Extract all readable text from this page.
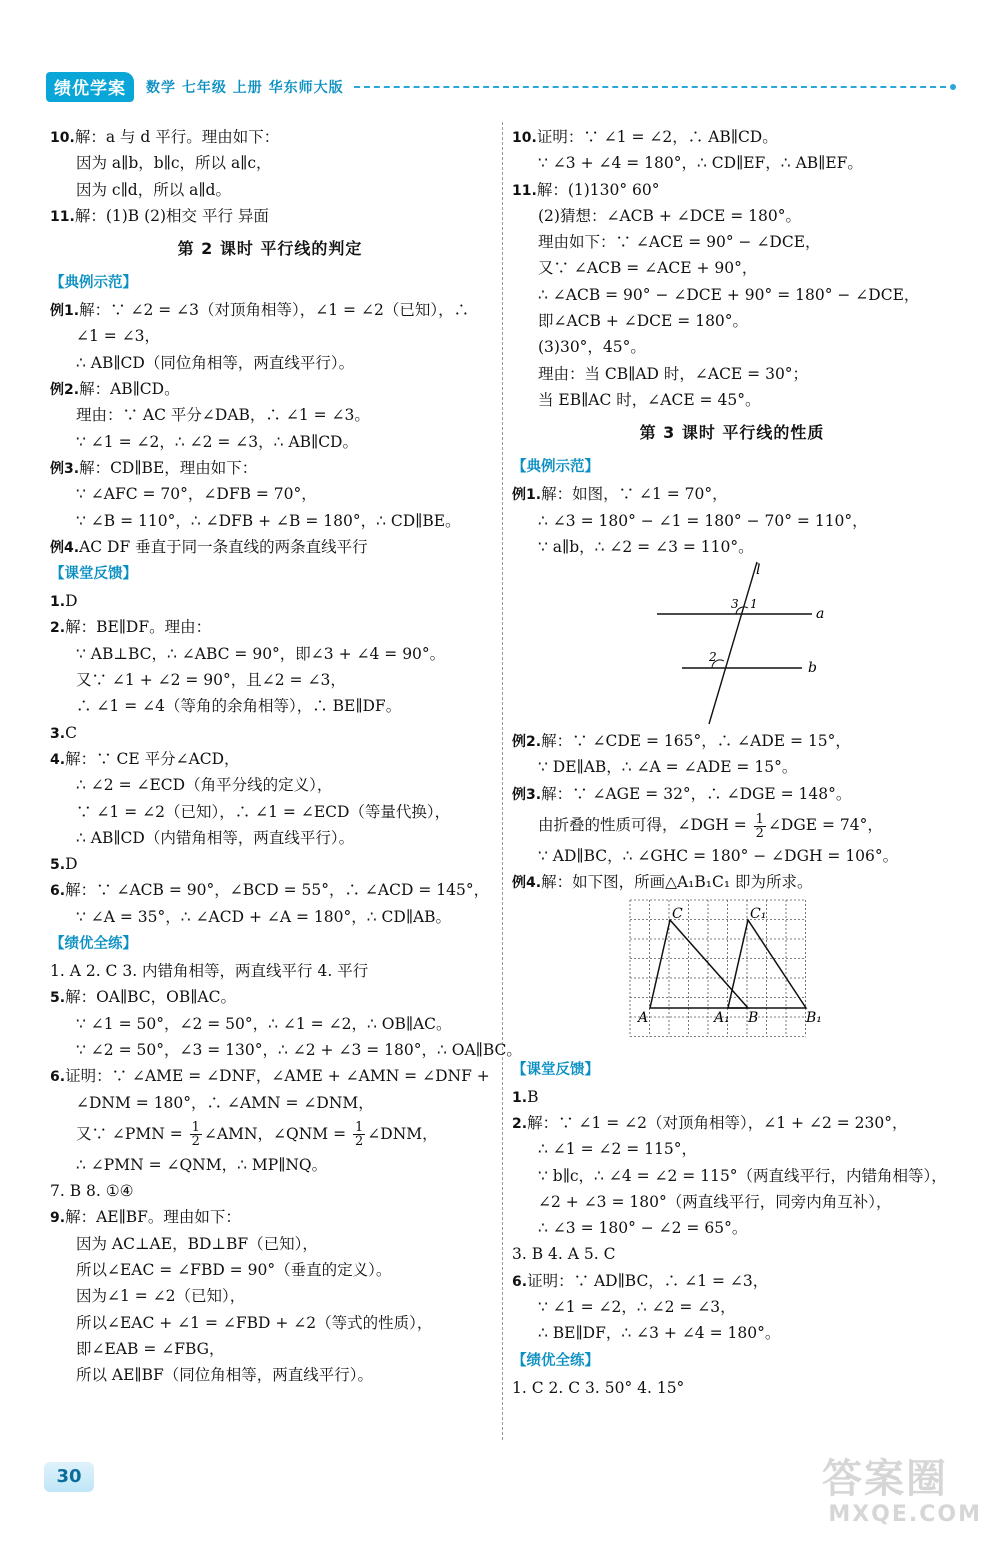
绩优学案	数学 七年级 上册 华东师大版
10.解：a 与 d 平行。理由如下：
因为 a∥b，b∥c，所以 a∥c，
因为 c∥d，所以 a∥d。
11.解：(1)B (2)相交 平行 异面
第 2 课时 平行线的判定
【典例示范】
例1.解：∵ ∠2 = ∠3（对顶角相等），∠1 = ∠2（已知），∴
∠1 = ∠3，
∴ AB∥CD（同位角相等，两直线平行）。
例2.解：AB∥CD。
理由：∵ AC 平分∠DAB，∴ ∠1 = ∠3。
∵ ∠1 = ∠2，∴ ∠2 = ∠3，∴ AB∥CD。
例3.解：CD∥BE，理由如下：
∵ ∠AFC = 70°，∠DFB = 70°，
∵ ∠B = 110°，∴ ∠DFB + ∠B = 180°，∴ CD∥BE。
例4.AC DF 垂直于同一条直线的两条直线平行
【课堂反馈】
1.D
2.解：BE∥DF。理由：
∵ AB⊥BC，∴ ∠ABC = 90°，即∠3 + ∠4 = 90°。
又∵ ∠1 + ∠2 = 90°，且∠2 = ∠3，
∴ ∠1 = ∠4（等角的余角相等），∴ BE∥DF。
3.C
4.解：∵ CE 平分∠ACD，
∴ ∠2 = ∠ECD（角平分线的定义），
∵ ∠1 = ∠2（已知），∴ ∠1 = ∠ECD（等量代换），
∴ AB∥CD（内错角相等，两直线平行）。
5.D
6.解：∵ ∠ACB = 90°，∠BCD = 55°，∴ ∠ACD = 145°，
∵ ∠A = 35°，∴ ∠ACD + ∠A = 180°，∴ CD∥AB。
【绩优全练】
1. A 2. C 3. 内错角相等，两直线平行 4. 平行
5.解：OA∥BC，OB∥AC。
∵ ∠1 = 50°，∠2 = 50°，∴ ∠1 = ∠2，∴ OB∥AC。
∵ ∠2 = 50°，∠3 = 130°，∴ ∠2 + ∠3 = 180°，∴ OA∥BC。
6.证明：∵ ∠AME = ∠DNF，∠AME + ∠AMN = ∠DNF +
∠DNM = 180°，∴ ∠AMN = ∠DNM，
又∵ ∠PMN = $\frac{1}{2}$ ∠AMN，∠QNM = $\frac{1}{2}$ ∠DNM，
∴ ∠PMN = ∠QNM，∴ MP∥NQ。
7. B 8. ①④
9.解：AE∥BF。理由如下：
因为 AC⊥AE，BD⊥BF（已知），
所以∠EAC = ∠FBD = 90°（垂直的定义）。
因为∠1 = ∠2（已知），
所以∠EAC + ∠1 = ∠FBD + ∠2（等式的性质），
即∠EAB = ∠FBG，
所以 AE∥BF（同位角相等，两直线平行）。
10.证明：∵ ∠1 = ∠2，∴ AB∥CD。
∵ ∠3 + ∠4 = 180°，∴ CD∥EF，∴ AB∥EF。
11.解：(1)130° 60°
(2)猜想：∠ACB + ∠DCE = 180°。
理由如下：∵ ∠ACE = 90° − ∠DCE，
又∵ ∠ACB = ∠ACE + 90°，
∴ ∠ACB = 90° − ∠DCE + 90° = 180° − ∠DCE，
即∠ACB + ∠DCE = 180°。
(3)30°，45°。
理由：当 CB∥AD 时，∠ACE = 30°；
当 EB∥AC 时，∠ACE = 45°。
第 3 课时 平行线的性质
【典例示范】
例1.解：如图，∵ ∠1 = 70°，
∴ ∠3 = 180° − ∠1 = 180° − 70° = 110°，
∵ a∥b，∴ ∠2 = ∠3 = 110°。
l
a
b
3 1
2
例2.解：∵ ∠CDE = 165°，∴ ∠ADE = 15°，
∵ DE∥AB，∴ ∠A = ∠ADE = 15°。
例3.解：∵ ∠AGE = 32°，∴ ∠DGE = 148°。
由折叠的性质可得，∠DGH = $\frac{1}{2}$ ∠DGE = 74°，
∵ AD∥BC，∴ ∠GHC = 180° − ∠DGH = 106°。
例4.解：如下图，所画△A₁B₁C₁ 即为所求。
C	C₁
A	A₁ B	B₁
【课堂反馈】
1.B
2.解：∵ ∠1 = ∠2（对顶角相等），∠1 + ∠2 = 230°，
∴ ∠1 = ∠2 = 115°，
∵ b∥c，∴ ∠4 = ∠2 = 115°（两直线平行，内错角相等），
∠2 + ∠3 = 180°（两直线平行，同旁内角互补），
∴ ∠3 = 180° − ∠2 = 65°。
3. B 4. A 5. C
6.证明：∵ AD∥BC，∴ ∠1 = ∠3，
∵ ∠1 = ∠2，∴ ∠2 = ∠3，
∴ BE∥DF，∴ ∠3 + ∠4 = 180°。
【绩优全练】
1. C 2. C 3. 50° 4. 15°
30	答案圈
MXQE.COM
